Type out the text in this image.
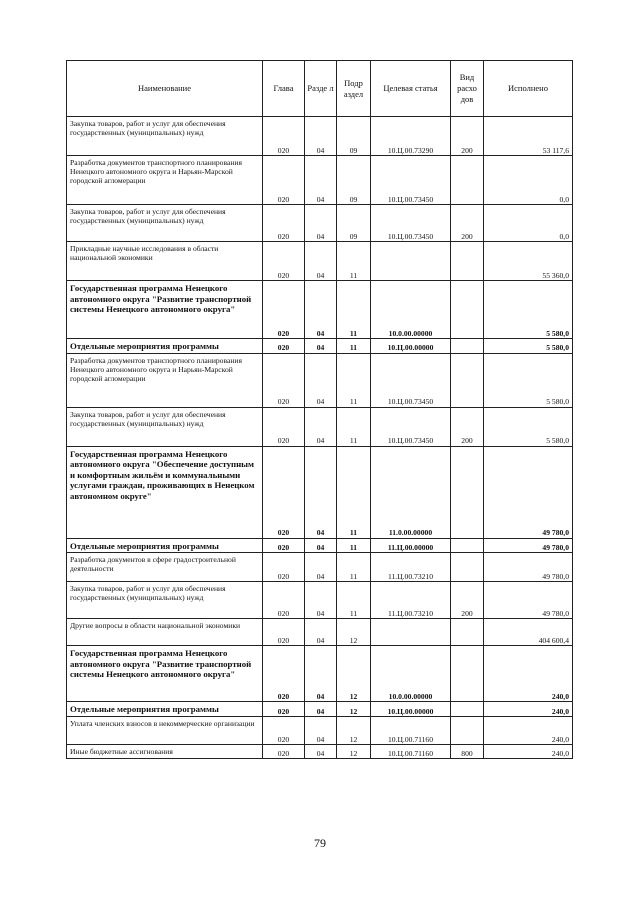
Наименование	Глава	Разде л	Подр аздел	Целевая статья	Вид расхо дов	Исполнено
Закупка товаров, работ и услуг для обеспечения государственных (муниципальных) нужд	020	04	09	10.Ц.00.73290	200	53 117,6
Разработка документов транспортного планирования Ненецкого автономного округа и Нарьян-Марской городской агломерации	020	04	09	10.Ц.00.73450		0,0
Закупка товаров, работ и услуг для обеспечения государственных (муниципальных) нужд	020	04	09	10.Ц.00.73450	200	0,0
Прикладные научные исследования в области национальной экономики	020	04	11			55 360,0
Государственная программа Ненецкого автономного округа "Развитие транспортной системы Ненецкого автономного округа"	020	04	11	10.0.00.00000		5 580,0
Отдельные мероприятия программы	020	04	11	10.Ц.00.00000		5 580,0
Разработка документов транспортного планирования Ненецкого автономного округа и Нарьян-Марской городской агломерации	020	04	11	10.Ц.00.73450		5 580,0
Закупка товаров, работ и услуг для обеспечения государственных (муниципальных) нужд	020	04	11	10.Ц.00.73450	200	5 580,0
Государственная программа Ненецкого автономного округа "Обеспечение доступным и комфортным жильём и коммунальными услугами граждан, проживающих в Ненецком автономном округе"	020	04	11	11.0.00.00000		49 780,0
Отдельные мероприятия программы	020	04	11	11.Ц.00.00000		49 780,0
Разработка документов в сфере градостроительной деятельности	020	04	11	11.Ц.00.73210		49 780,0
Закупка товаров, работ и услуг для обеспечения государственных (муниципальных) нужд	020	04	11	11.Ц.00.73210	200	49 780,0
Другие вопросы в области национальной экономики	020	04	12			404 600,4
Государственная программа Ненецкого автономного округа "Развитие транспортной системы Ненецкого автономного округа"	020	04	12	10.0.00.00000		240,0
Отдельные мероприятия программы	020	04	12	10.Ц.00.00000		240,0
Уплата членских взносов в некоммерческие организации	020	04	12	10.Ц.00.71160		240,0
Иные бюджетные ассигнования	020	04	12	10.Ц.00.71160	800	240,0
79
